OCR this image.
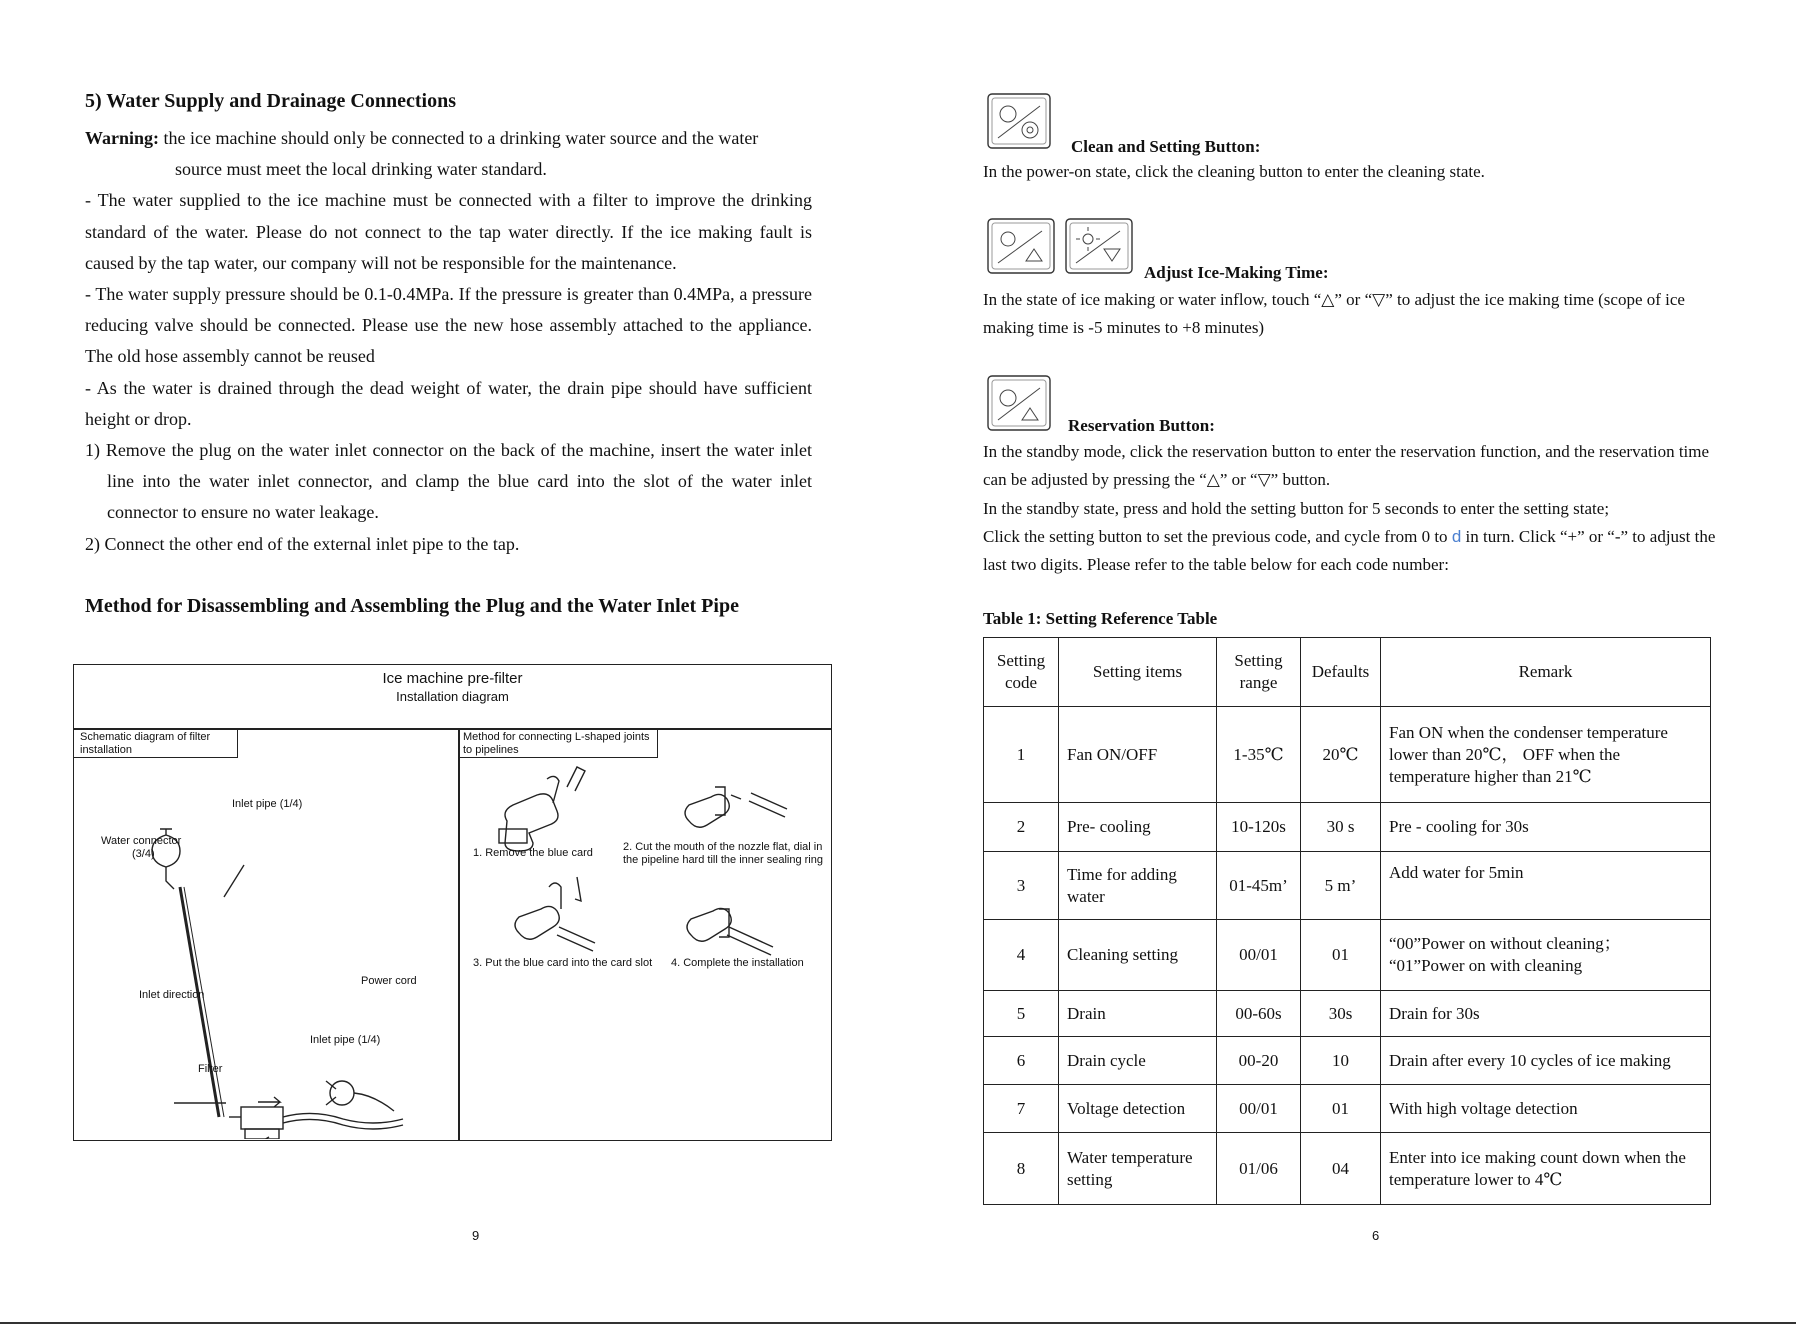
5) Water Supply and Drainage Connections

Warning: the ice machine should only be connected to a drinking water source and the water

source must meet the local drinking water standard.

- The water supplied to the ice machine must be connected with a filter to improve the drinking standard of the water. Please do not connect to the tap water directly. If the ice making fault is caused by the tap water, our company will not be responsible for the maintenance.

- The water supply pressure should be 0.1-0.4MPa. If the pressure is greater than 0.4MPa, a pressure reducing valve should be connected. Please use the new hose assembly attached to the appliance. The old hose assembly cannot be reused

- As the water is drained through the dead weight of water, the drain pipe should have sufficient height or drop.

1) Remove the plug on the water inlet connector on the back of the machine, insert the water inlet line into the water inlet connector, and clamp the blue card into the slot of the water inlet connector to ensure no water leakage.

2) Connect the other end of the external inlet pipe to the tap.

Method for Disassembling and Assembling the Plug and the Water Inlet Pipe
Ice machine pre-filter
Installation diagram
Schematic diagram of filter installation
Method for connecting L-shaped joints to pipelines
Inlet pipe (1/4)
Water connector
(3/4)
Inlet direction
Power cord
Inlet pipe (1/4)
Filter
1. Remove the blue card	2. Cut the mouth of the nozzle flat, dial in the pipeline hard till the inner sealing ring
3. Put the blue card into the card slot 4. Complete the installation
9
Clean and Setting Button:
In the power-on state, click the cleaning button to enter the cleaning state.
Adjust Ice-Making Time:
In the state of ice making or water inflow, touch “△” or “▽” to adjust the ice making time (scope of ice making time is -5 minutes to +8 minutes)
Reservation Button:

In the standby mode, click the reservation button to enter the reservation function, and the reservation time can be adjusted by pressing the “△” or “▽” button.

In the standby state, press and hold the setting button for 5 seconds to enter the setting state;

Click the setting button to set the previous code, and cycle from 0 to d in turn. Click “+” or “-” to adjust the last two digits. Please refer to the table below for each code number:

Table 1: Setting Reference Table
Setting code	Setting items	Setting range	Defaults	Remark
1	Fan ON/OFF	1-35℃	20℃	Fan ON when the condenser temperature lower than 20℃， OFF when the temperature higher than 21℃
2	Pre- cooling	10-120s	30 s	Pre - cooling for 30s
3	Time for adding water	01-45m’	5 m’	Add water for 5min
4	Cleaning setting	00/01	01	“00”Power on without cleaning；
“01”Power on with cleaning
5	Drain	00-60s	30s	Drain for 30s
6	Drain cycle	00-20	10	Drain after every 10 cycles of ice making
7	Voltage detection	00/01	01	With high voltage detection
8	Water temperature setting	01/06	04	Enter into ice making count down when the temperature lower to 4℃
6
